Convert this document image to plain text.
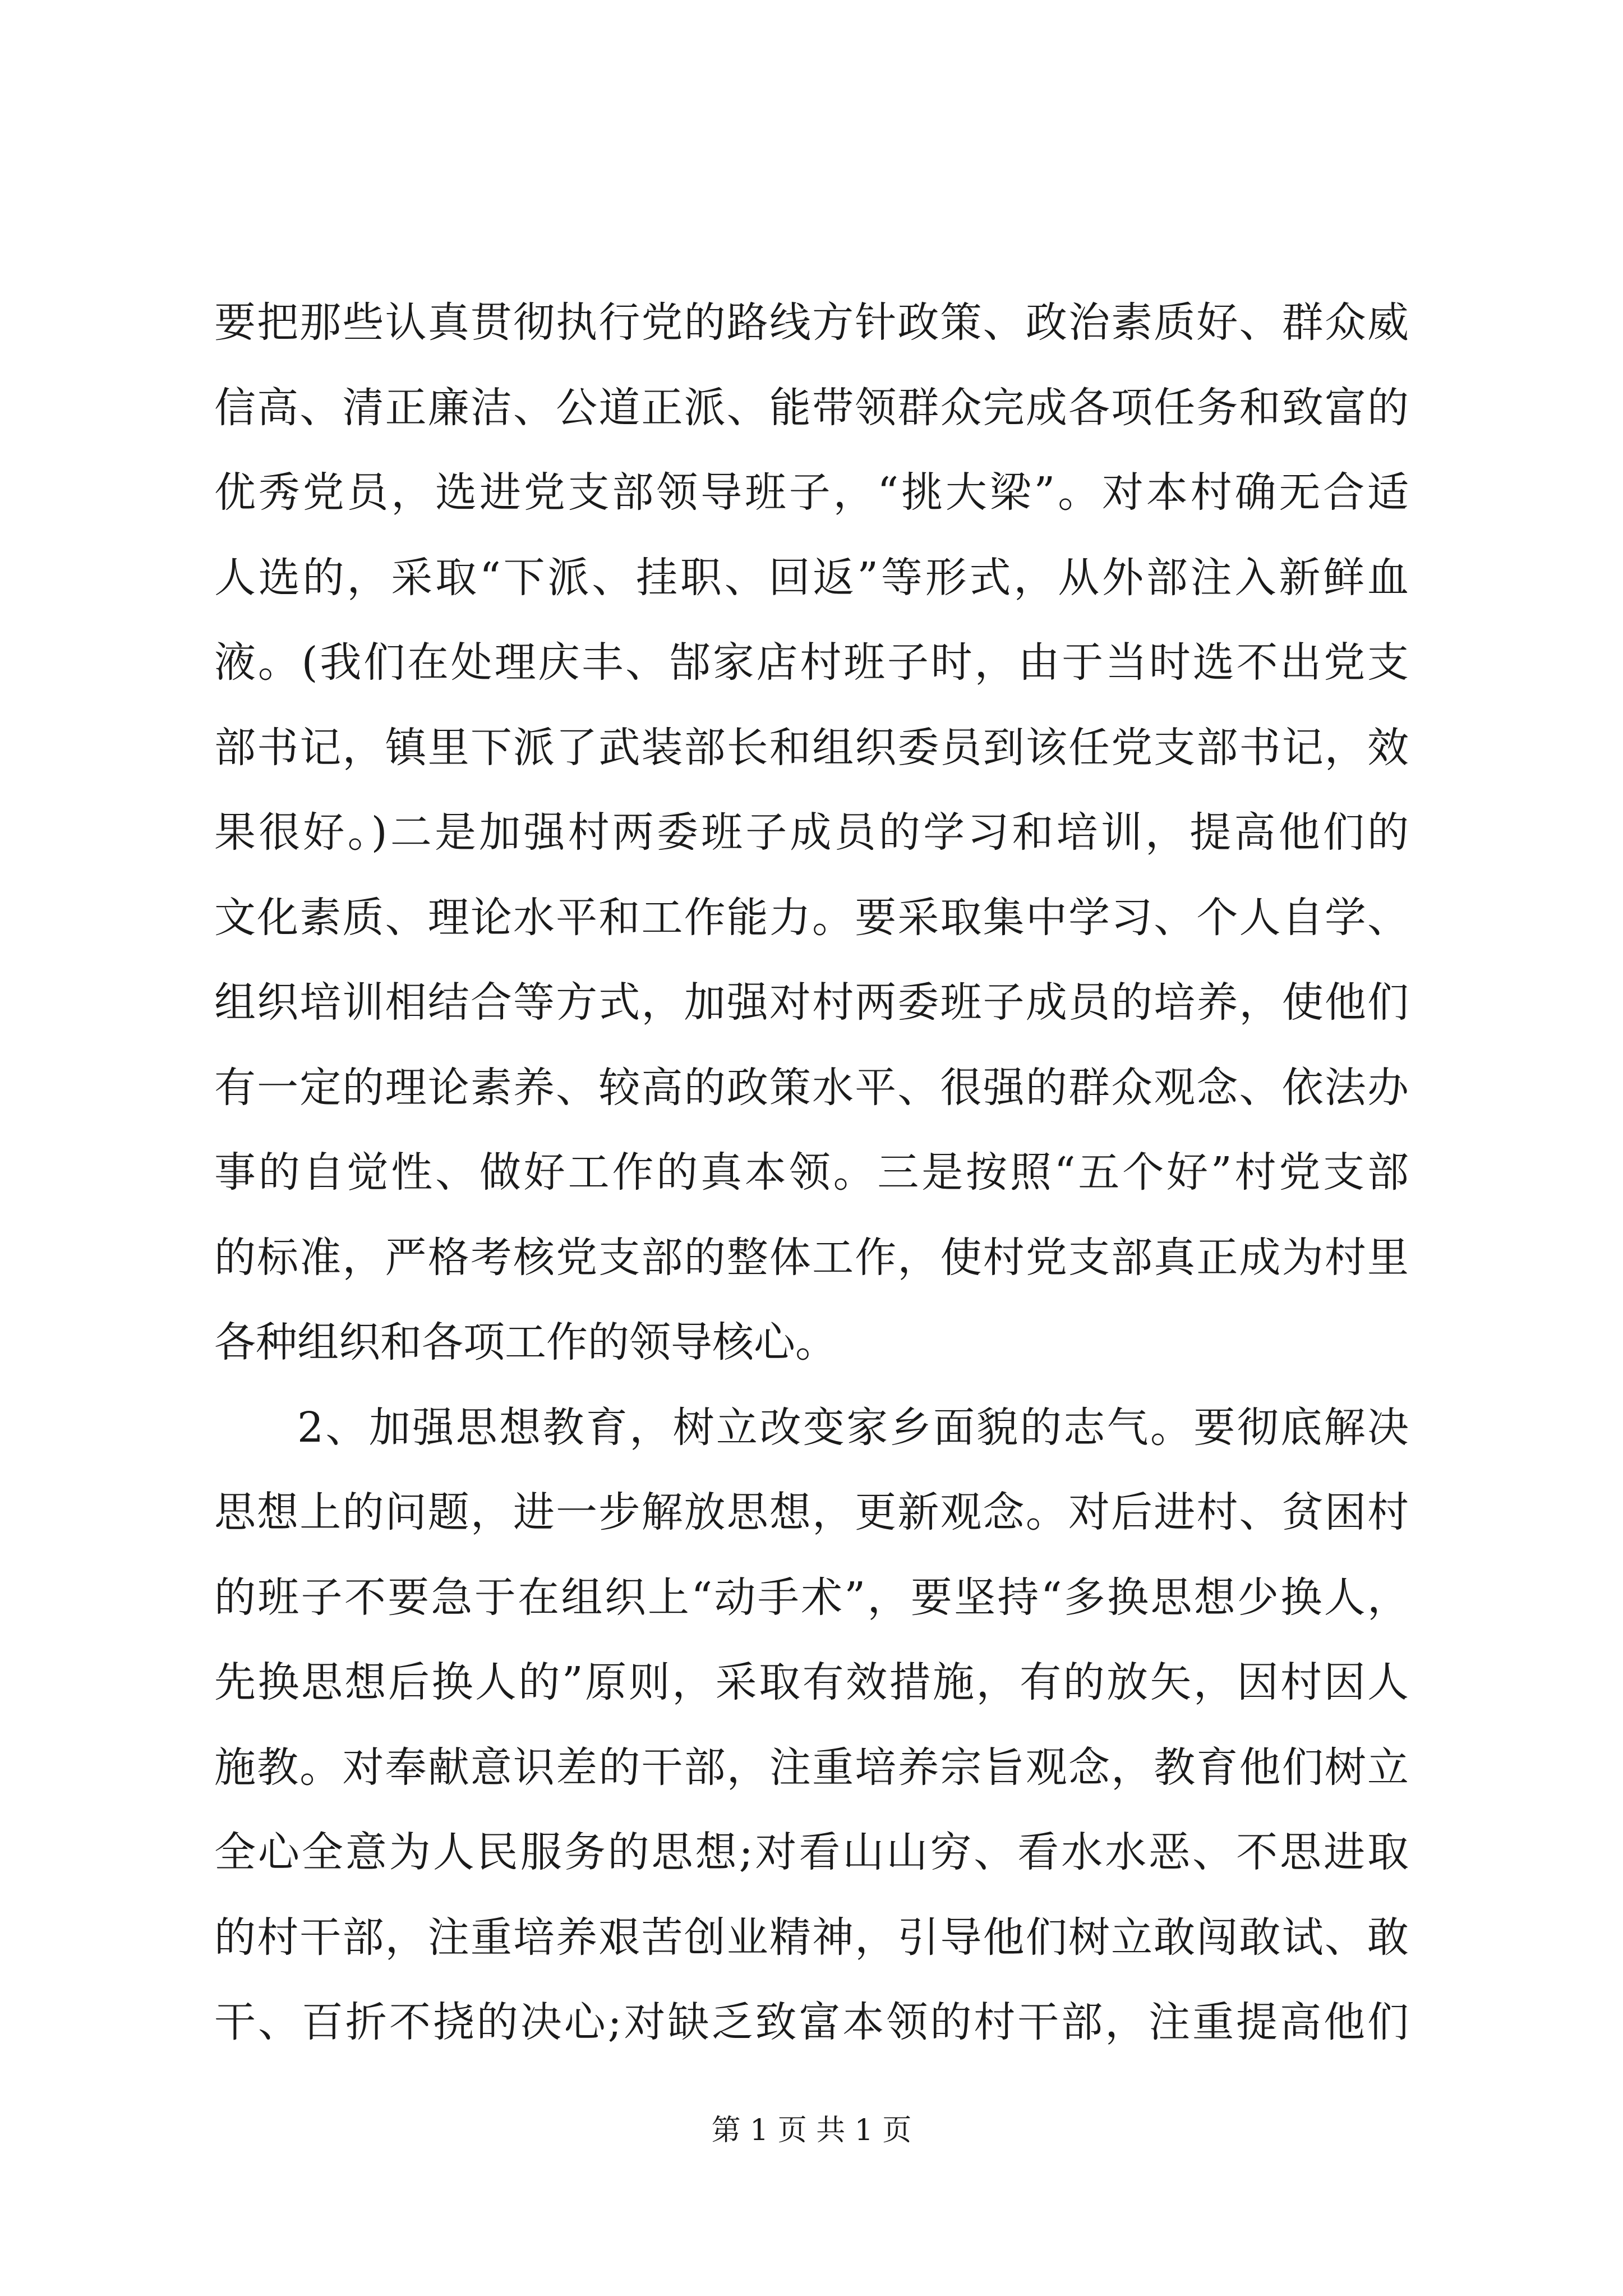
要把那些认真贯彻执行党的路线方针政策、政治素质好、群众威
信高、清正廉洁、公道正派、能带领群众完成各项任务和致富的
优秀党员，选进党支部领导班子，“挑大梁”。对本村确无合适
人选的，采取“下派、挂职、回返”等形式，从外部注入新鲜血
液。(我们在处理庆丰、郜家店村班子时，由于当时选不出党支
部书记，镇里下派了武装部长和组织委员到该任党支部书记，效
果很好。)二是加强村两委班子成员的学习和培训，提高他们的
文化素质、理论水平和工作能力。要采取集中学习、个人自学、
组织培训相结合等方式，加强对村两委班子成员的培养，使他们
有一定的理论素养、较高的政策水平、很强的群众观念、依法办
事的自觉性、做好工作的真本领。三是按照“五个好”村党支部
的标准，严格考核党支部的整体工作，使村党支部真正成为村里
各种组织和各项工作的领导核心。
2、加强思想教育，树立改变家乡面貌的志气。要彻底解决
思想上的问题，进一步解放思想，更新观念。对后进村、贫困村
的班子不要急于在组织上“动手术”，要坚持“多换思想少换人，
先换思想后换人的”原则，采取有效措施，有的放矢，因村因人
施教。对奉献意识差的干部，注重培养宗旨观念，教育他们树立
全心全意为人民服务的思想;对看山山穷、看水水恶、不思进取
的村干部，注重培养艰苦创业精神，引导他们树立敢闯敢试、敢
干、百折不挠的决心;对缺乏致富本领的村干部，注重提高他们
第 1 页 共 1 页
